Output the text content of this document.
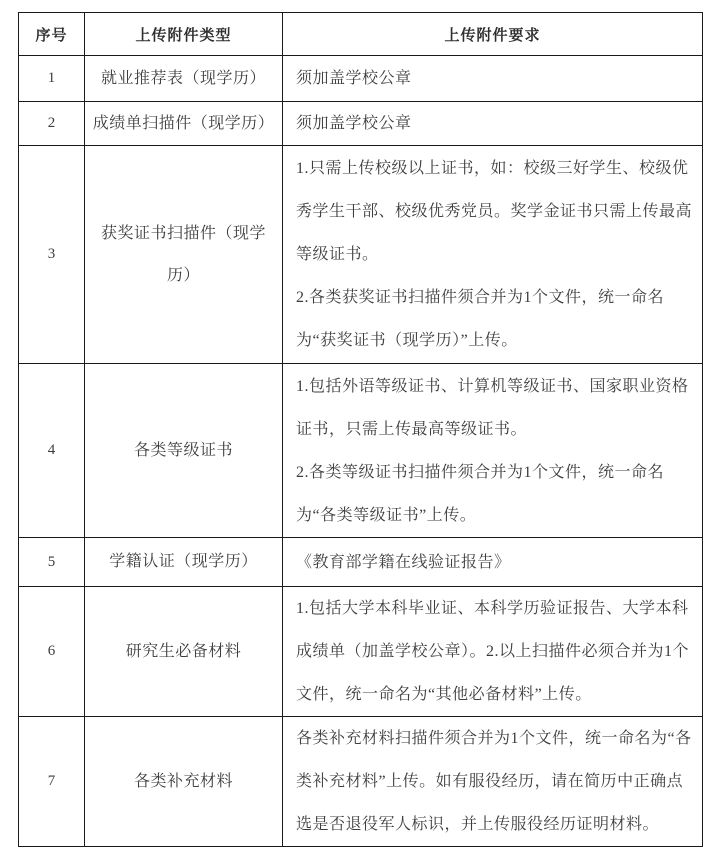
序号	上传附件类型	上传附件要求
1	就业推荐表（现学历）	须加盖学校公章

2	成绩单扫描件（现学历）	须加盖学校公章

3	获奖证书扫描件（现学历）	1.只需上传校级以上证书，如：校级三好学生、校级优秀学生干部、校级优秀党员。奖学金证书只需上传最高等级证书。

2.各类获奖证书扫描件须合并为1个文件，统一命名为“获奖证书（现学历）”上传。

4	各类等级证书	1.包括外语等级证书、计算机等级证书、国家职业资格证书，只需上传最高等级证书。

2.各类等级证书扫描件须合并为1个文件，统一命名为“各类等级证书”上传。

5	学籍认证（现学历）	《教育部学籍在线验证报告》

6	研究生必备材料	1.包括大学本科毕业证、本科学历验证报告、大学本科成绩单（加盖学校公章）。2.以上扫描件必须合并为1个文件，统一命名为“其他必备材料”上传。

7	各类补充材料	各类补充材料扫描件须合并为1个文件，统一命名为“各类补充材料”上传。如有服役经历，请在简历中正确点选是否退役军人标识，并上传服役经历证明材料。
